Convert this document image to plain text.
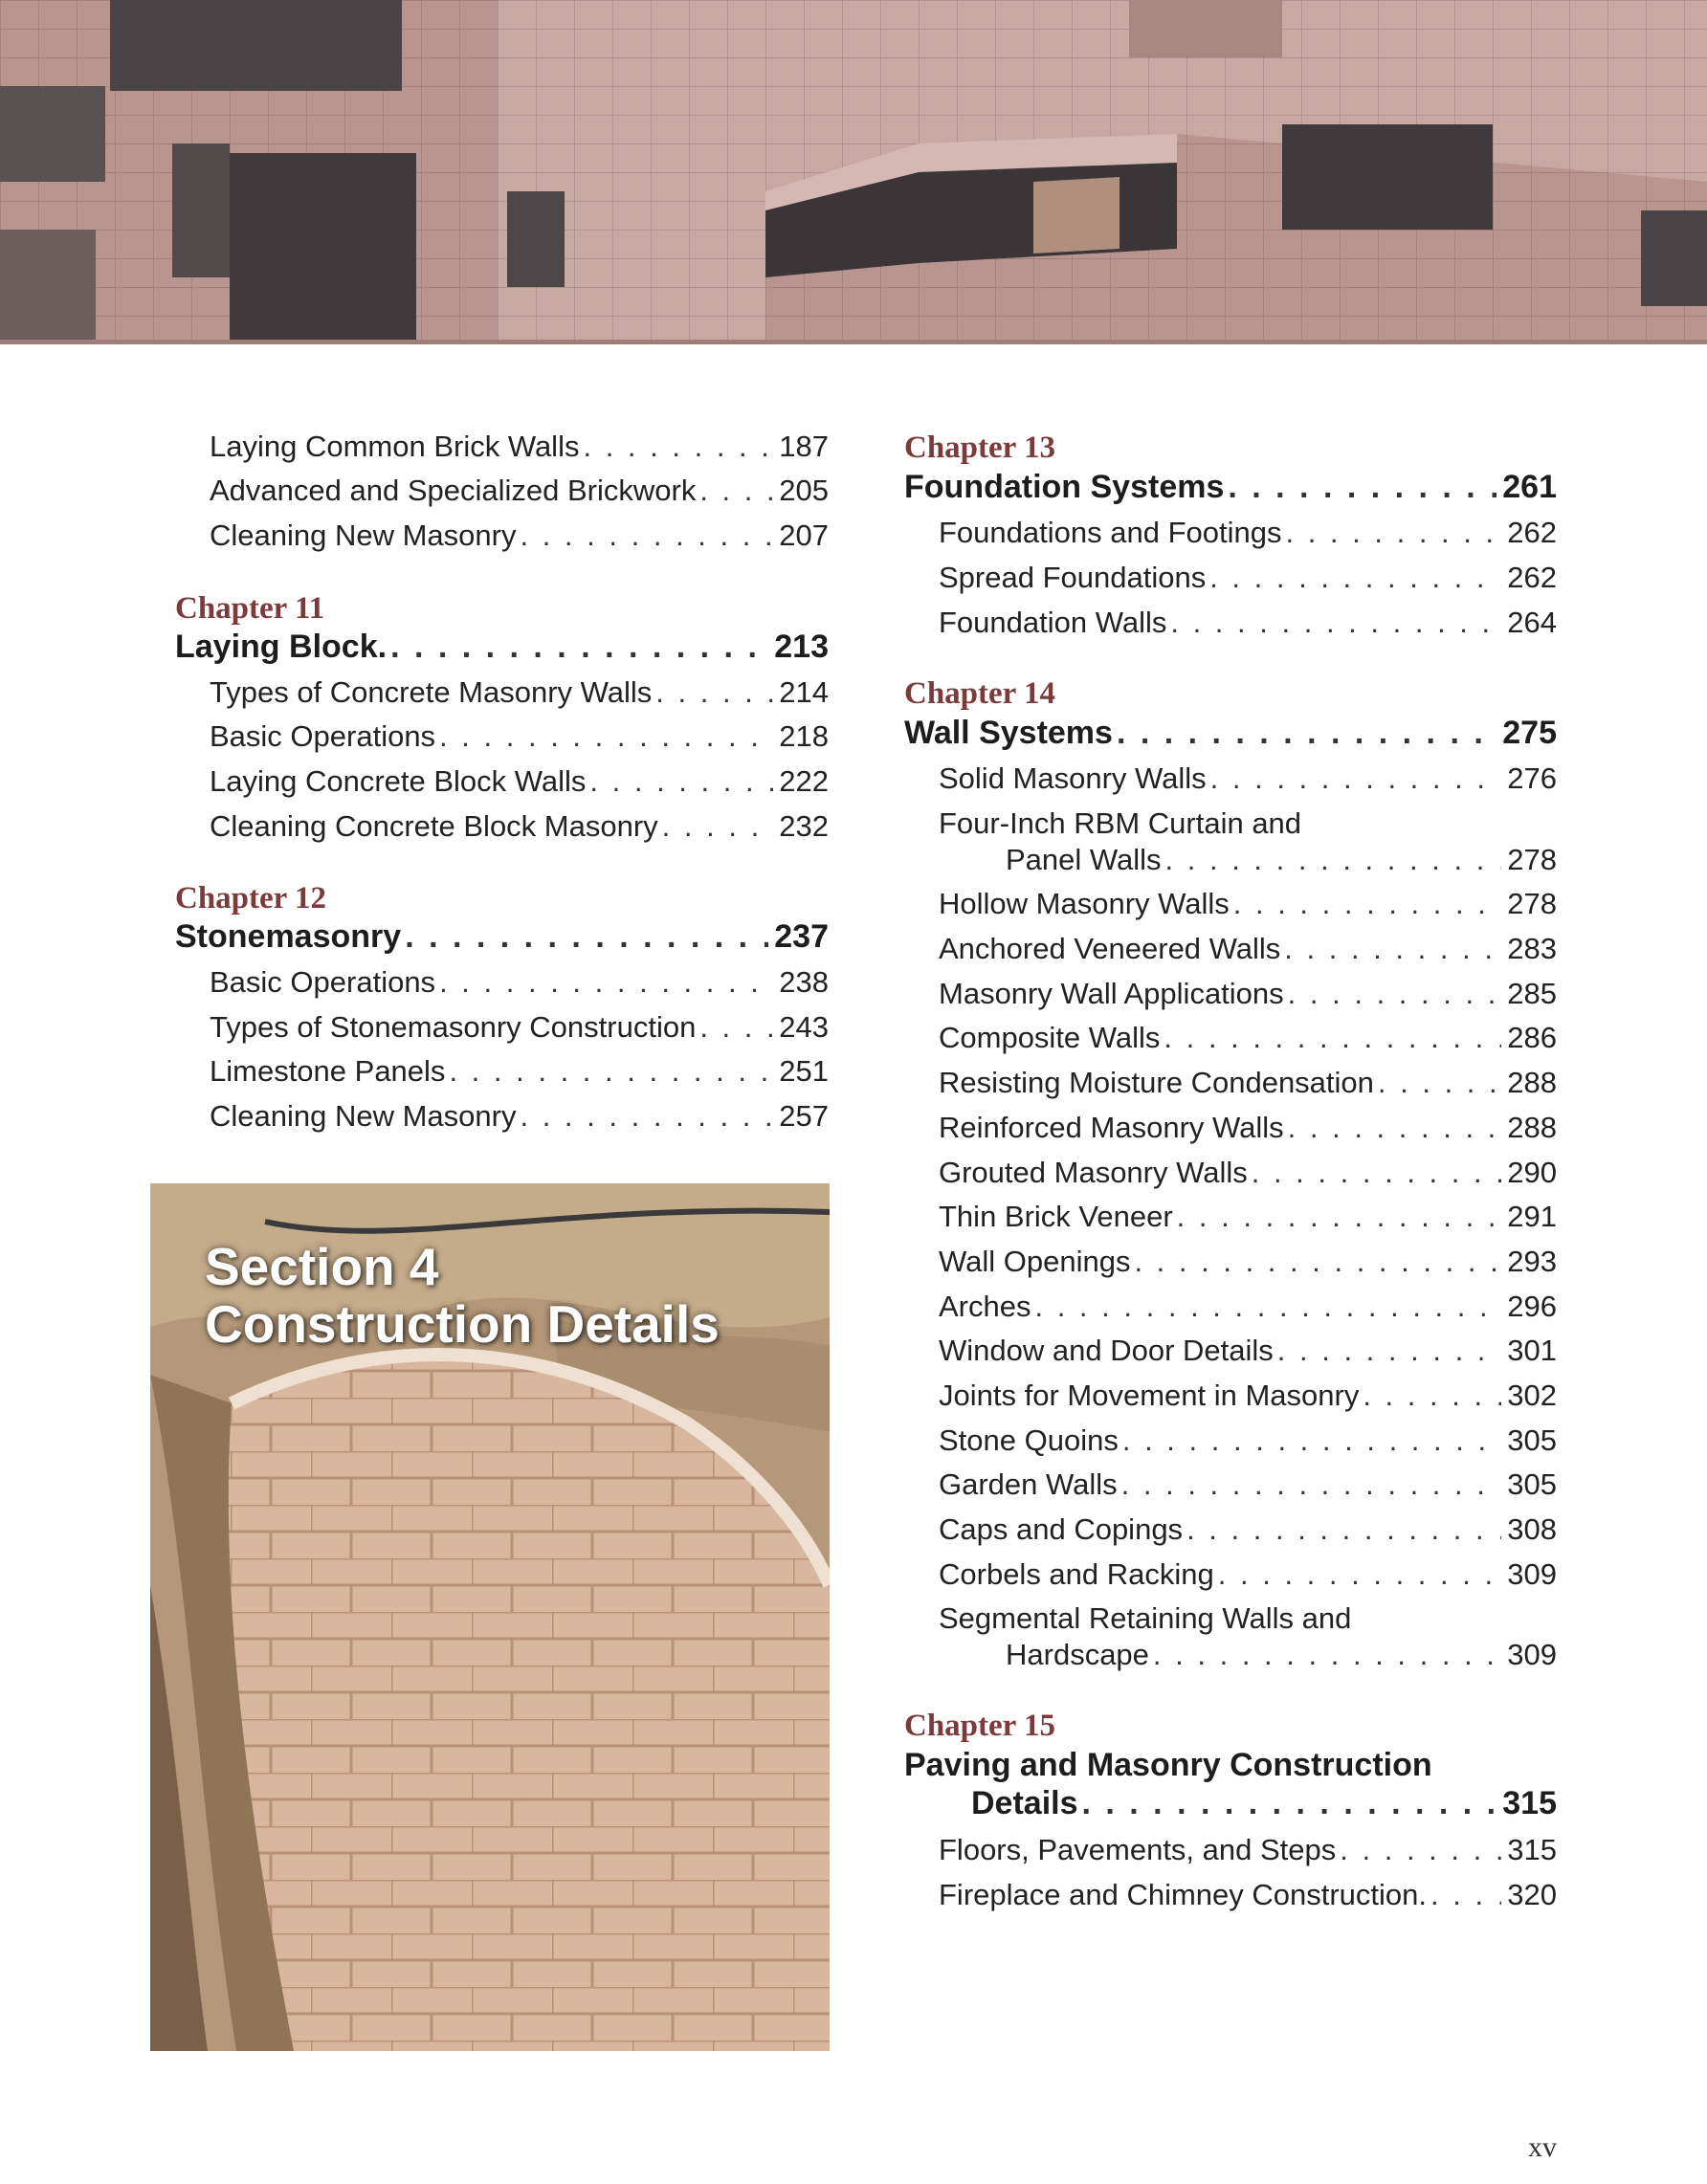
Laying Common Brick Walls . . .	187
Advanced and Specialized Brickwork . . .	205
Cleaning New Masonry . . .	207
Chapter 11
Laying Block. . . .	213
Types of Concrete Masonry Walls . . .	214
Basic Operations . . .	218
Laying Concrete Block Walls . . .	222
Cleaning Concrete Block Masonry . . .	232
Chapter 12
Stonemasonry . . .	237
Basic Operations . . .	238
Types of Stonemasonry Construction . . .	243
Limestone Panels . . .	251
Cleaning New Masonry . . .	257
Section 4
Construction Details
Chapter 13
Foundation Systems . . .	261
Foundations and Footings . . .	262
Spread Foundations . . .	262
Foundation Walls . . .	264
Chapter 14
Wall Systems . . .	275
Solid Masonry Walls . . .	276
Four-Inch RBM Curtain and
Panel Walls . . .	278
Hollow Masonry Walls . . .	278
Anchored Veneered Walls . . .	283
Masonry Wall Applications . . .	285
Composite Walls . . .	286
Resisting Moisture Condensation . . .	288
Reinforced Masonry Walls . . .	288
Grouted Masonry Walls . . .	290
Thin Brick Veneer . . .	291
Wall Openings . . .	293
Arches . . .	296
Window and Door Details . . .	301
Joints for Movement in Masonry . . .	302
Stone Quoins . . .	305
Garden Walls . . .	305
Caps and Copings . . .	308
Corbels and Racking . . .	309
Segmental Retaining Walls and
Hardscape . . .	309
Chapter 15
Paving and Masonry Construction
Details . . .	315
Floors, Pavements, and Steps . . .	315
Fireplace and Chimney Construction. . . .	320
xv
